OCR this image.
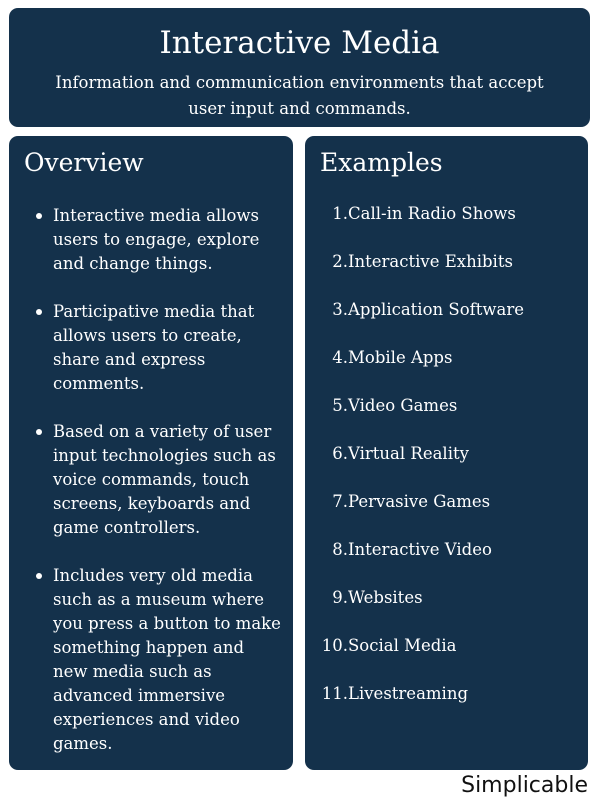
Interactive Media
Information and communication environments that accept user input and commands.
Overview
Interactive media allows users to engage, explore and change things.
Participative media that allows users to create, share and express comments.
Based on a variety of user input technologies such as voice commands, touch screens, keyboards and game controllers.
Includes very old media such as a museum where you press a button to make something happen and new media such as advanced immersive experiences and video games.
Examples
1. Call-in Radio Shows
2. Interactive Exhibits
3. Application Software
4. Mobile Apps
5. Video Games
6. Virtual Reality
7. Pervasive Games
8. Interactive Video
9. Websites
10. Social Media
11. Livestreaming
Simplicable
